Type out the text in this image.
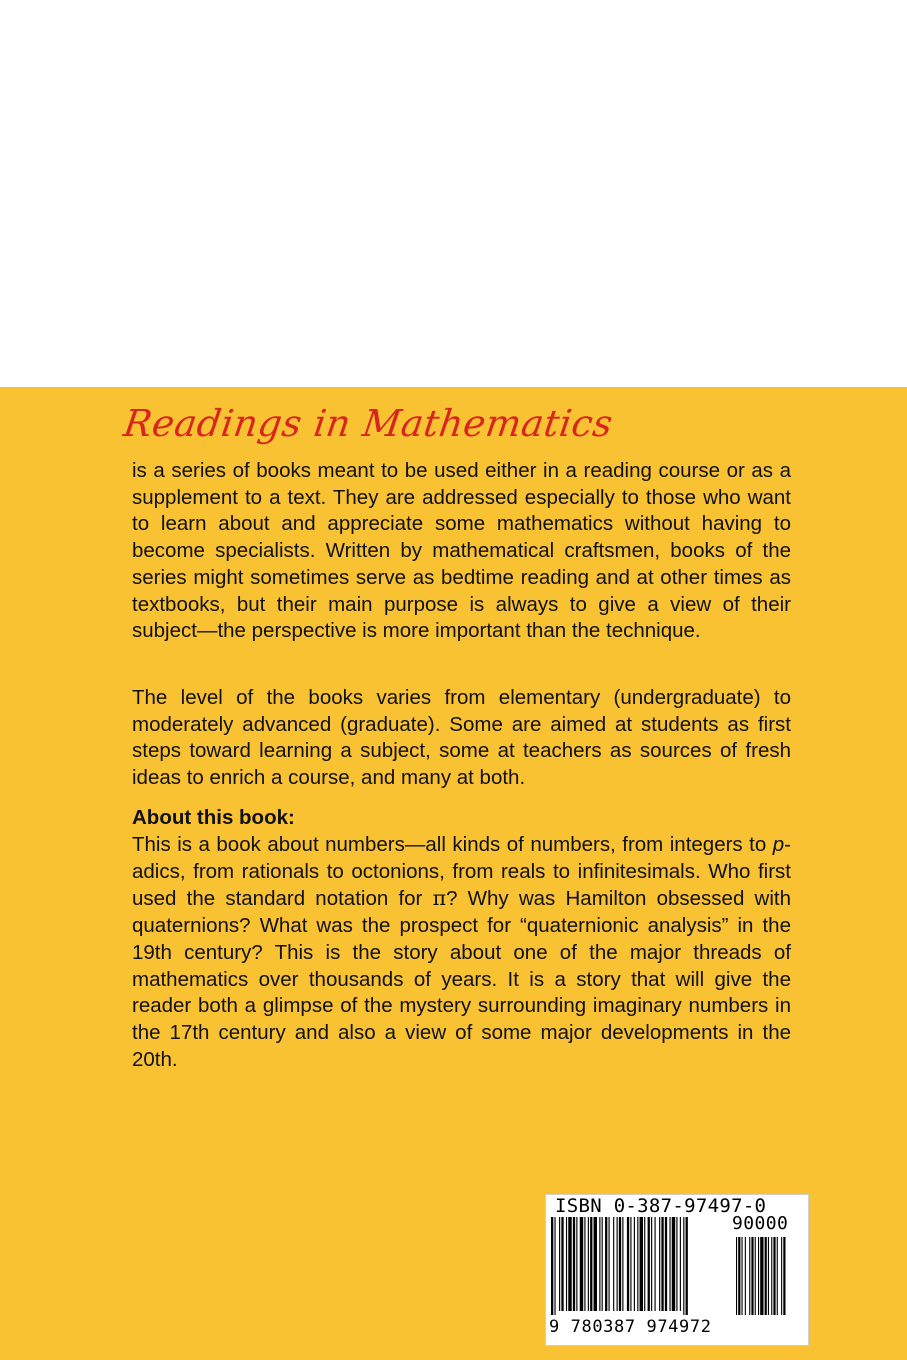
Readings in Mathematics

is a series of books meant to be used either in a reading course or as a supplement to a text. They are addressed especially to those who want to learn about and appreciate some mathematics without having to become specialists. Written by mathematical craftsmen, books of the series might sometimes serve as bedtime reading and at other times as textbooks, but their main purpose is always to give a view of their subject—the perspective is more important than the technique.

The level of the books varies from elementary (undergraduate) to moderately advanced (graduate). Some are aimed at students as first steps toward learning a subject, some at teachers as sources of fresh ideas to enrich a course, and many at both.

About this book:

This is a book about numbers—all kinds of numbers, from integers to p-adics, from rationals to octonions, from reals to infinitesimals. Who first used the standard notation for π? Why was Hamilton obsessed with quaternions? What was the prospect for “quaternionic analysis” in the 19th century? This is the story about one of the major threads of mathematics over thousands of years. It is a story that will give the reader both a glimpse of the mystery surrounding imaginary numbers in the 17th century and also a view of some major developments in the 20th.

ISBN 0-387-97497-0
90000
9 780387 974972
